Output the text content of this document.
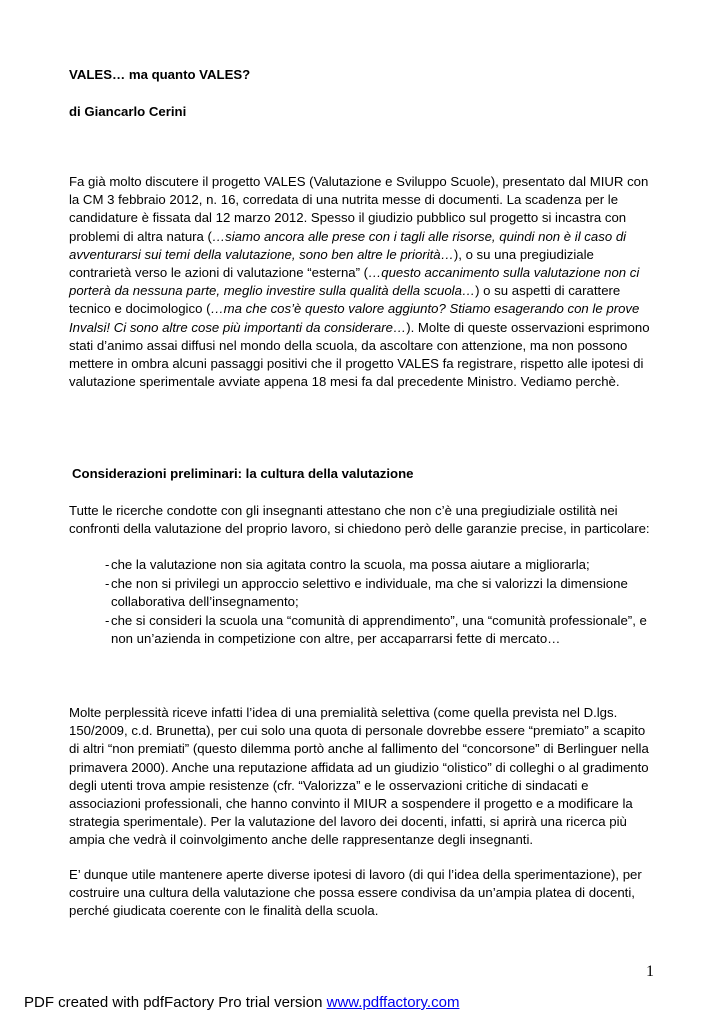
VALES… ma quanto VALES?
di Giancarlo Cerini
Fa già molto discutere il progetto VALES (Valutazione e Sviluppo Scuole), presentato dal MIUR con la CM 3 febbraio 2012, n. 16, corredata di una nutrita messe di documenti. La scadenza per le candidature è fissata dal 12 marzo 2012. Spesso il giudizio pubblico sul progetto si incastra con problemi di altra natura (…siamo ancora alle prese con i tagli alle risorse, quindi non è il caso di avventurarsi sui temi della valutazione, sono ben altre le priorità…), o su una pregiudiziale contrarietà verso le azioni di valutazione “esterna” (…questo accanimento sulla valutazione non ci porterà da nessuna parte, meglio investire sulla qualità della scuola…) o su aspetti di carattere tecnico e docimologico (…ma che cos’è questo valore aggiunto? Stiamo esagerando con le prove Invalsi! Ci sono altre cose più importanti da considerare…). Molte di queste osservazioni esprimono stati d’animo assai diffusi nel mondo della scuola, da ascoltare con attenzione, ma non possono mettere in ombra alcuni passaggi positivi che il progetto VALES fa registrare, rispetto alle ipotesi di valutazione sperimentale avviate appena 18 mesi fa dal precedente Ministro. Vediamo perchè.
Considerazioni preliminari: la cultura della valutazione
Tutte le ricerche condotte con gli insegnanti attestano che non c’è una pregiudiziale ostilità nei confronti della valutazione del proprio lavoro, si chiedono però delle garanzie precise, in particolare:
- che la valutazione non sia agitata contro la scuola, ma possa aiutare a migliorarla;
- che non si privilegi un approccio selettivo e individuale, ma che si valorizzi la dimensione collaborativa dell’insegnamento;
- che si consideri la scuola una “comunità di apprendimento”, una “comunità professionale”, e non un’azienda in competizione con altre, per accaparrarsi fette di mercato…
Molte perplessità riceve infatti l’idea di una premialità selettiva (come quella prevista nel D.lgs. 150/2009, c.d. Brunetta), per cui solo una quota di personale dovrebbe essere “premiato” a scapito di altri “non premiati” (questo dilemma portò anche al fallimento del “concorsone” di Berlinguer nella primavera 2000). Anche una reputazione affidata ad un giudizio “olistico” di colleghi o al gradimento degli utenti trova ampie resistenze (cfr. “Valorizza” e le osservazioni critiche di sindacati e associazioni professionali, che hanno convinto il MIUR a sospendere il progetto e a modificare la strategia sperimentale). Per la valutazione del lavoro dei docenti, infatti, si aprirà una ricerca più ampia che vedrà il coinvolgimento anche delle rappresentanze degli insegnanti.
E’ dunque utile mantenere aperte diverse ipotesi di lavoro (di qui l’idea della sperimentazione), per costruire una cultura della valutazione che possa essere condivisa da un’ampia platea di docenti, perché giudicata coerente con le finalità della scuola.
1
PDF created with pdfFactory Pro trial version www.pdffactory.com
